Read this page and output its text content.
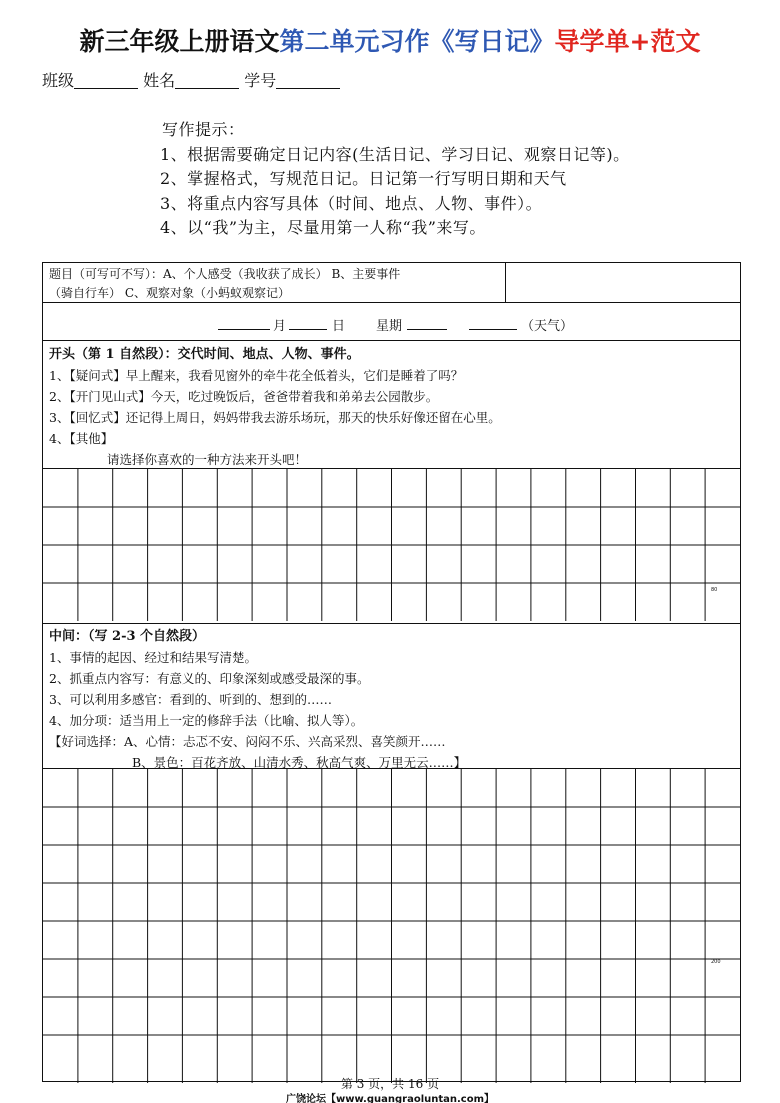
新三年级上册语文第二单元习作《写日记》导学单+范文
班级	姓名	学号
写作提示：
1、根据需要确定日记内容(生活日记、学习日记、观察日记等)。
2、掌握格式，写规范日记。日记第一行写明日期和天气
3、将重点内容写具体（时间、地点、人物、事件）。
4、以“我”为主，尽量用第一人称“我”来写。
题目（可写可不写）：A、个人感受（我收获了成长） B、主要事件
（骑自行车） C、观察对象（小蚂蚁观察记）
月	日 星期	（天气）
开头（第 1 自然段）：交代时间、地点、人物、事件。
1、【疑问式】早上醒来，我看见窗外的牵牛花全低着头，它们是睡着了吗？
2、【开门见山式】今天，吃过晚饭后，爸爸带着我和弟弟去公园散步。
3、【回忆式】还记得上周日，妈妈带我去游乐场玩，那天的快乐好像还留在心里。
4、【其他】
请选择你喜欢的一种方法来开头吧！
80
中间：（写 2-3 个自然段）
1、事情的起因、经过和结果写清楚。
2、抓重点内容写：有意义的、印象深刻或感受最深的事。
3、可以利用多感官：看到的、听到的、想到的……
4、加分项：适当用上一定的修辞手法（比喻、拟人等）。
【好词选择：A、心情：忐忑不安、闷闷不乐、兴高采烈、喜笑颜开……
B、景色：百花齐放、山清水秀、秋高气爽、万里无云……】
200
第 3 页，共 16 页
广饶论坛【www.guangraoluntan.com】
